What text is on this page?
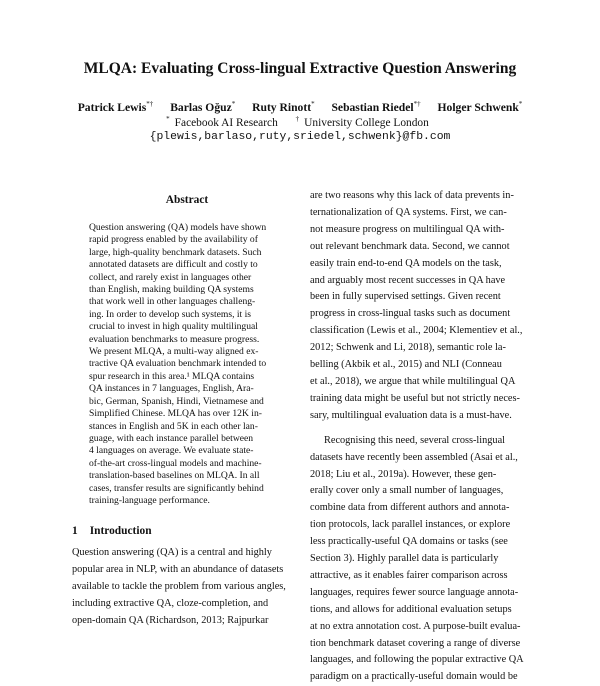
MLQA: Evaluating Cross-lingual Extractive Question Answering
Patrick Lewis*† Barlas Oğuz* Ruty Rinott* Sebastian Riedel*† Holger Schwenk*
* Facebook AI Research	† University College London
{plewis,barlaso,ruty,sriedel,schwenk}@fb.com
Abstract
Question answering (QA) models have shown
rapid progress enabled by the availability of
large, high-quality benchmark datasets. Such
annotated datasets are difficult and costly to
collect, and rarely exist in languages other
than English, making building QA systems
that work well in other languages challeng-
ing. In order to develop such systems, it is
crucial to invest in high quality multilingual
evaluation benchmarks to measure progress.
We present MLQA, a multi-way aligned ex-
tractive QA evaluation benchmark intended to
spur research in this area.¹ MLQA contains
QA instances in 7 languages, English, Ara-
bic, German, Spanish, Hindi, Vietnamese and
Simplified Chinese. MLQA has over 12K in-
stances in English and 5K in each other lan-
guage, with each instance parallel between
4 languages on average. We evaluate state-
of-the-art cross-lingual models and machine-
translation-based baselines on MLQA. In all
cases, transfer results are significantly behind
training-language performance.
1 Introduction
Question answering (QA) is a central and highly
popular area in NLP, with an abundance of datasets
available to tackle the problem from various angles,
including extractive QA, cloze-completion, and
open-domain QA (Richardson, 2013; Rajpurkar
are two reasons why this lack of data prevents in-
ternationalization of QA systems. First, we can-
not measure progress on multilingual QA with-
out relevant benchmark data. Second, we cannot
easily train end-to-end QA models on the task,
and arguably most recent successes in QA have
been in fully supervised settings. Given recent
progress in cross-lingual tasks such as document
classification (Lewis et al., 2004; Klementiev et al.,
2012; Schwenk and Li, 2018), semantic role la-
belling (Akbik et al., 2015) and NLI (Conneau
et al., 2018), we argue that while multilingual QA
training data might be useful but not strictly neces-
sary, multilingual evaluation data is a must-have.
Recognising this need, several cross-lingual
datasets have recently been assembled (Asai et al.,
2018; Liu et al., 2019a). However, these gen-
erally cover only a small number of languages,
combine data from different authors and annota-
tion protocols, lack parallel instances, or explore
less practically-useful QA domains or tasks (see
Section 3). Highly parallel data is particularly
attractive, as it enables fairer comparison across
languages, requires fewer source language annota-
tions, and allows for additional evaluation setups
at no extra annotation cost. A purpose-built evalua-
tion benchmark dataset covering a range of diverse
languages, and following the popular extractive QA
paradigm on a practically-useful domain would be
